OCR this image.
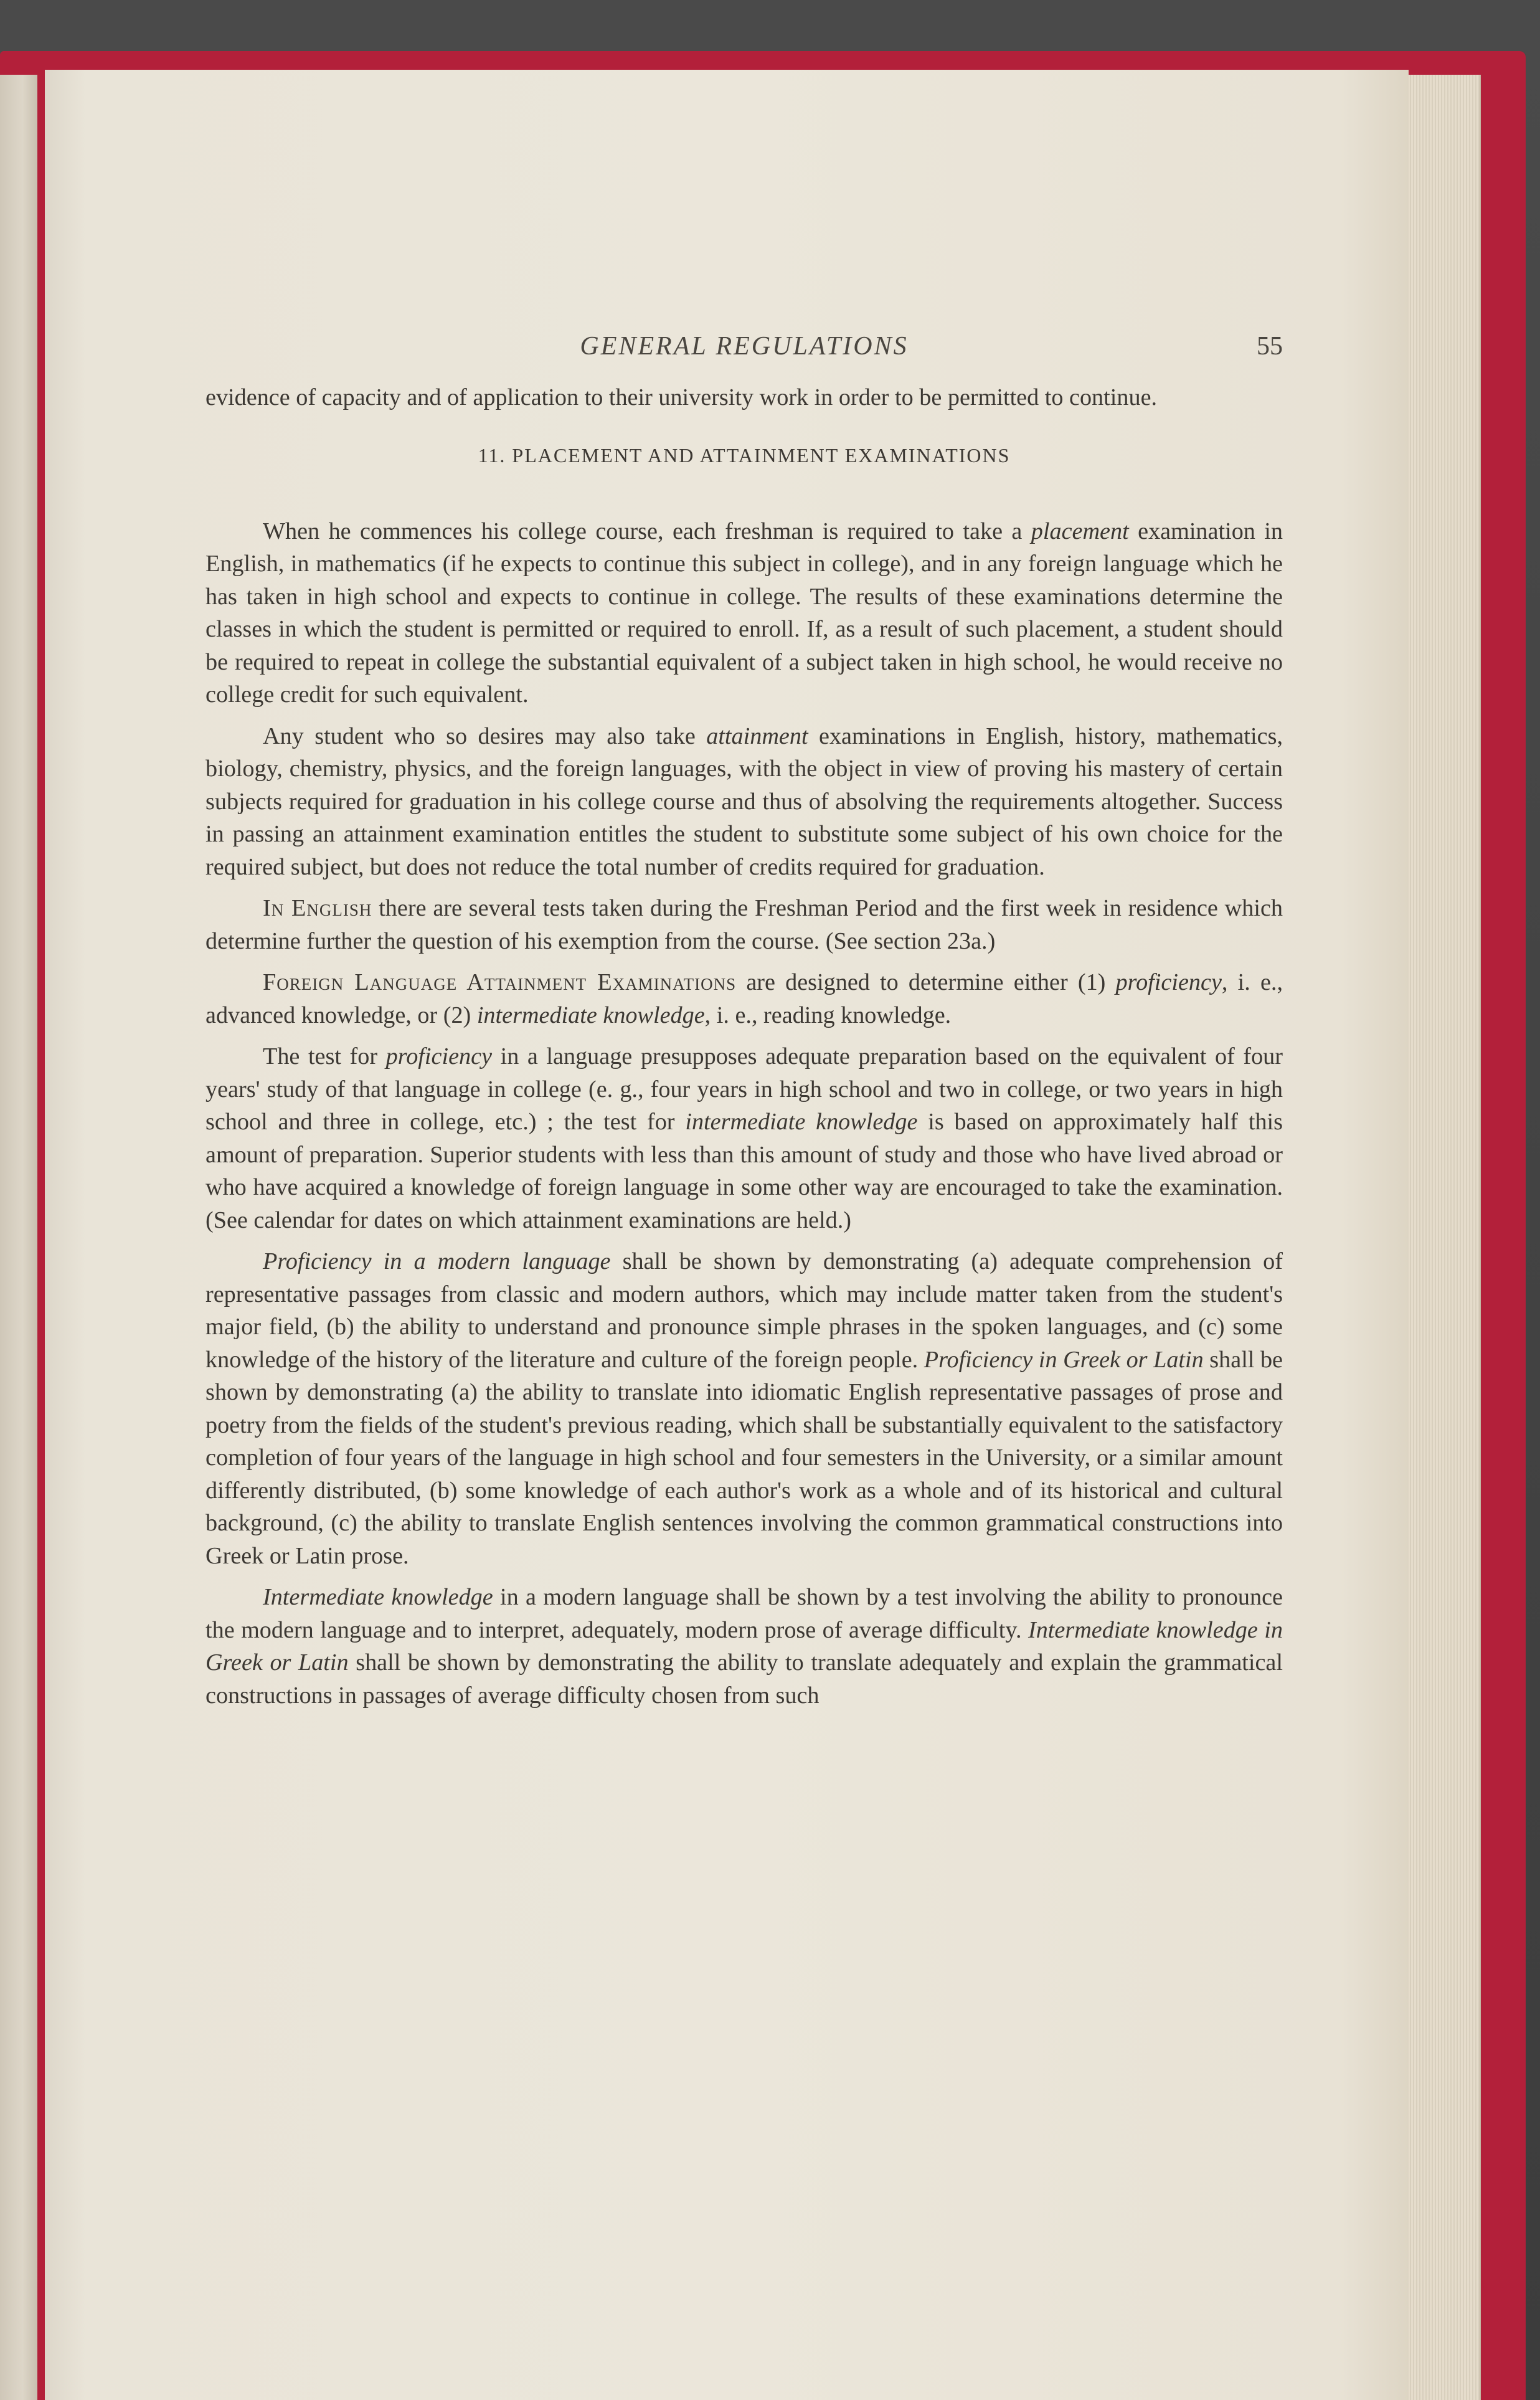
GENERAL REGULATIONS	55

evidence of capacity and of application to their university work in order to be permitted to continue.

11. PLACEMENT AND ATTAINMENT EXAMINATIONS

When he commences his college course, each freshman is required to take a placement examination in English, in mathematics (if he expects to continue this subject in college), and in any foreign language which he has taken in high school and expects to continue in college. The results of these examinations determine the classes in which the student is permitted or required to enroll. If, as a result of such placement, a student should be required to repeat in college the substantial equivalent of a subject taken in high school, he would receive no college credit for such equivalent.

Any student who so desires may also take attainment examinations in English, history, mathematics, biology, chemistry, physics, and the foreign languages, with the object in view of proving his mastery of certain subjects required for graduation in his college course and thus of absolving the requirements altogether. Success in passing an attainment examination entitles the student to substitute some subject of his own choice for the required subject, but does not reduce the total number of credits required for graduation.

In English there are several tests taken during the Freshman Period and the first week in residence which determine further the question of his exemption from the course. (See section 23a.)

Foreign Language Attainment Examinations are designed to determine either (1) proficiency, i. e., advanced knowledge, or (2) intermediate knowledge, i. e., reading knowledge.

The test for proficiency in a language presupposes adequate preparation based on the equivalent of four years' study of that language in college (e. g., four years in high school and two in college, or two years in high school and three in college, etc.) ; the test for intermediate knowledge is based on approximately half this amount of preparation. Superior students with less than this amount of study and those who have lived abroad or who have acquired a knowledge of foreign language in some other way are encouraged to take the examination. (See calendar for dates on which attainment examinations are held.)

Proficiency in a modern language shall be shown by demonstrating (a) adequate comprehension of representative passages from classic and modern authors, which may include matter taken from the student's major field, (b) the ability to understand and pronounce simple phrases in the spoken languages, and (c) some knowledge of the history of the literature and culture of the foreign people. Proficiency in Greek or Latin shall be shown by demonstrating (a) the ability to translate into idiomatic English representative passages of prose and poetry from the fields of the student's previous reading, which shall be substantially equivalent to the satisfactory completion of four years of the language in high school and four semesters in the University, or a similar amount differently distributed, (b) some knowledge of each author's work as a whole and of its historical and cultural background, (c) the ability to translate English sentences involving the common grammatical constructions into Greek or Latin prose.

Intermediate knowledge in a modern language shall be shown by a test involving the ability to pronounce the modern language and to interpret, adequately, modern prose of average difficulty. Intermediate knowledge in Greek or Latin shall be shown by demonstrating the ability to translate adequately and explain the grammatical constructions in passages of average difficulty chosen from such
